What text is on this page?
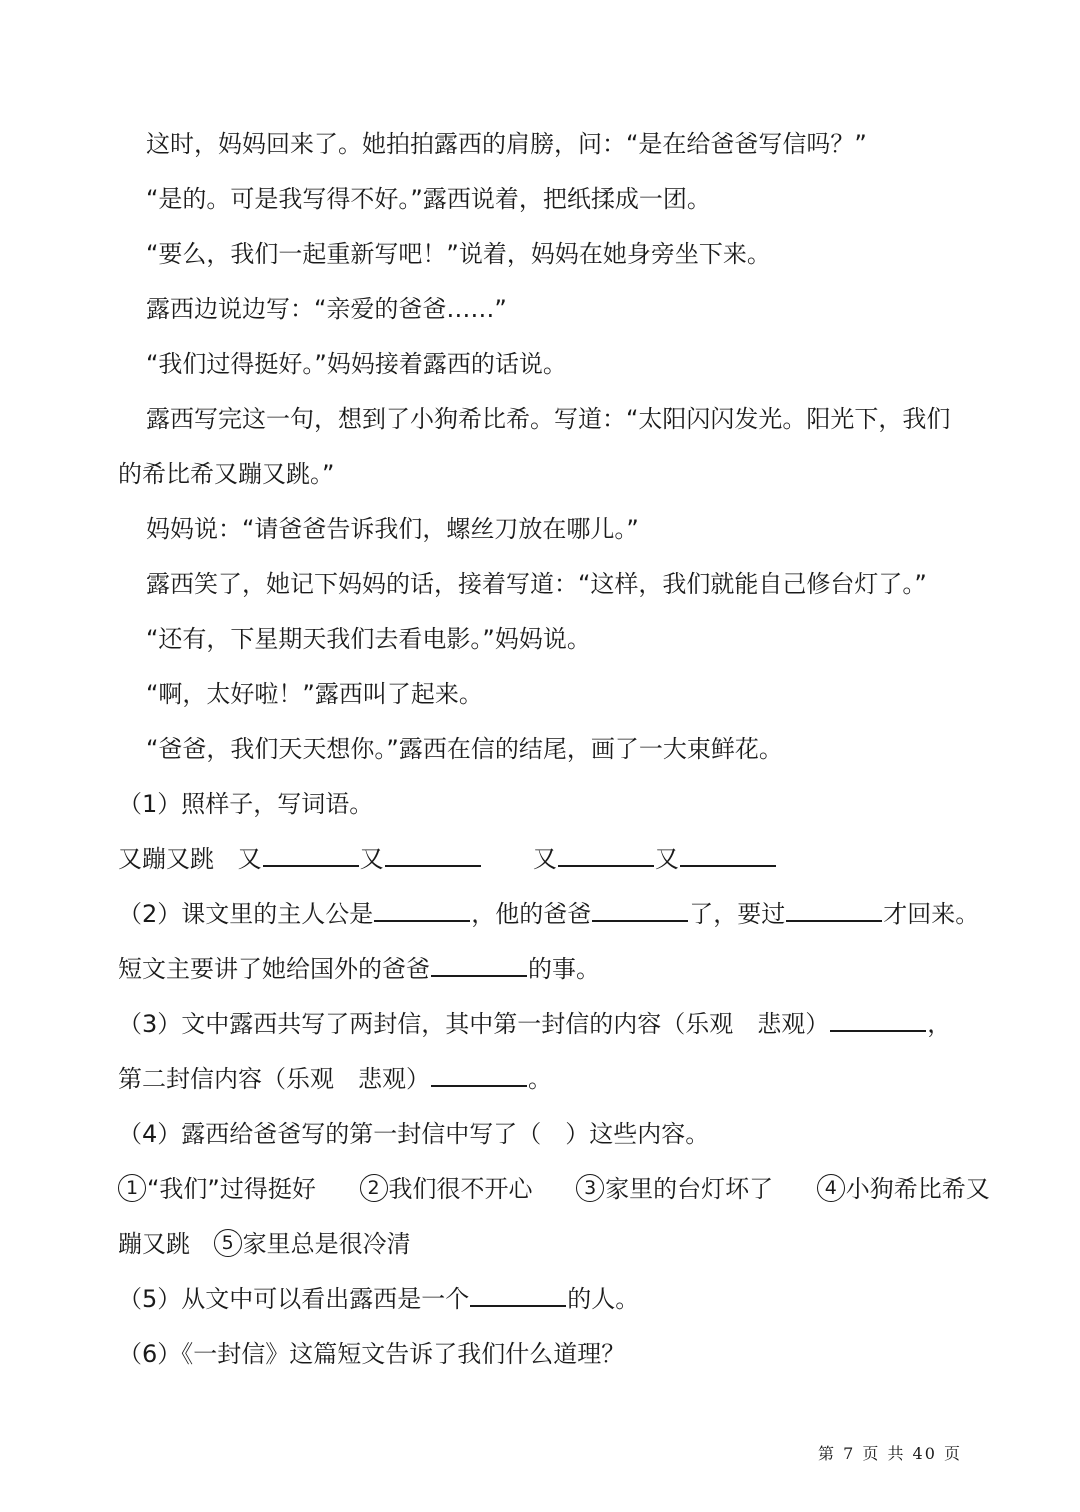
这时，妈妈回来了。她拍拍露西的肩膀，问：“是在给爸爸写信吗？”
“是的。可是我写得不好。”露西说着，把纸揉成一团。
“要么，我们一起重新写吧！”说着，妈妈在她身旁坐下来。
露西边说边写：“亲爱的爸爸……”
“我们过得挺好。”妈妈接着露西的话说。
露西写完这一句，想到了小狗希比希。写道：“太阳闪闪发光。阳光下，我们
的希比希又蹦又跳。”
妈妈说：“请爸爸告诉我们，螺丝刀放在哪儿。”
露西笑了，她记下妈妈的话，接着写道：“这样，我们就能自己修台灯了。”
“还有，下星期天我们去看电影。”妈妈说。
“啊，太好啦！”露西叫了起来。
“爸爸，我们天天想你。”露西在信的结尾，画了一大束鲜花。
（1）照样子，写词语。
又蹦又跳 又	又	又	又
（2）课文里的主人公是	，他的爸爸	了，要过	才回来。
短文主要讲了她给国外的爸爸	的事。
（3）文中露西共写了两封信，其中第一封信的内容（乐观　悲观）	，
第二封信内容（乐观　悲观）	。
（4）露西给爸爸写的第一封信中写了（　）这些内容。
1 “我们”过得挺好	2 我们很不开心	3 家里的台灯坏了	4 小狗希比希又
蹦又跳 5 家里总是很冷清
（5）从文中可以看出露西是一个	的人。
（6）《一封信》这篇短文告诉了我们什么道理？
第 7 页 共 40 页
